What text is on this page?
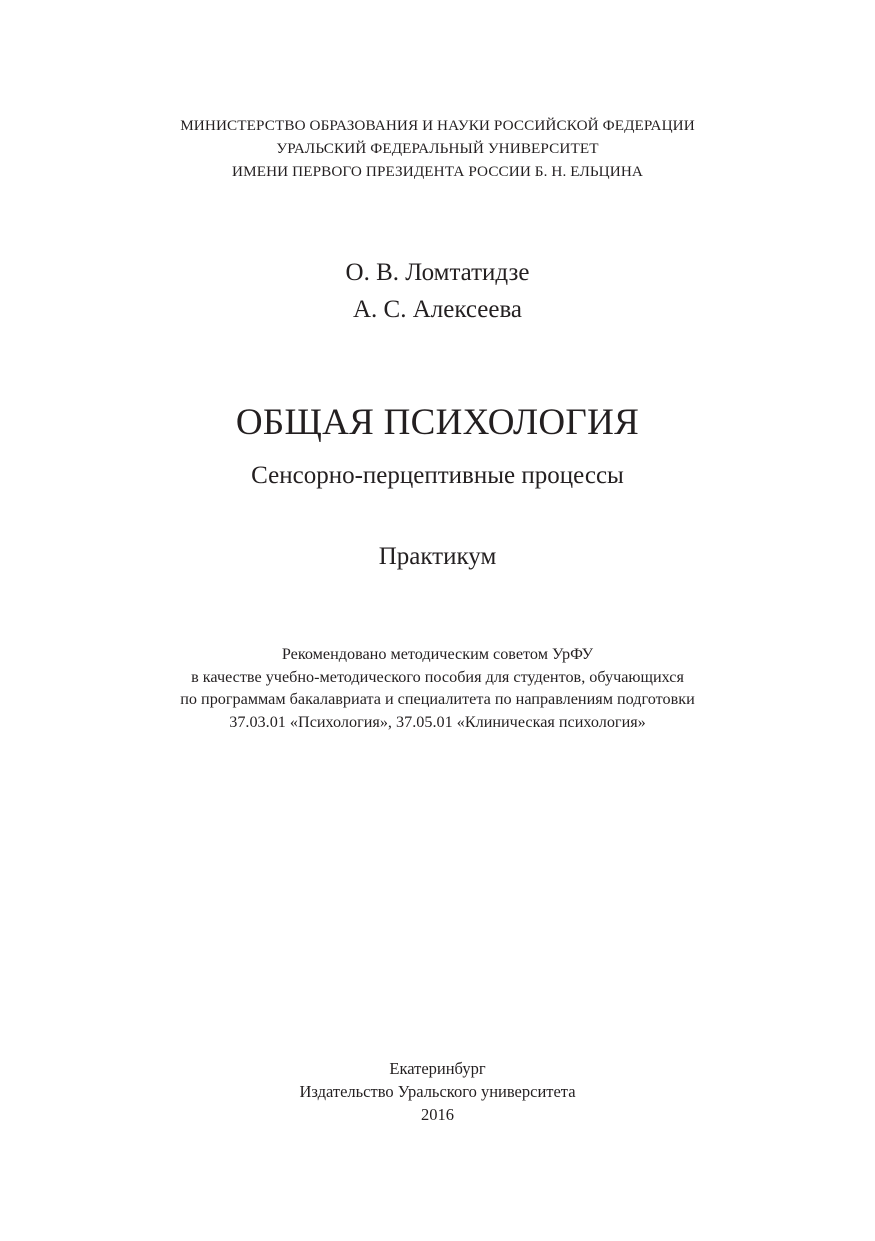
МИНИСТЕРСТВО ОБРАЗОВАНИЯ И НАУКИ РОССИЙСКОЙ ФЕДЕРАЦИИ
УРАЛЬСКИЙ ФЕДЕРАЛЬНЫЙ УНИВЕРСИТЕТ
ИМЕНИ ПЕРВОГО ПРЕЗИДЕНТА РОССИИ Б. Н. ЕЛЬЦИНА
О. В. Ломтатидзе
А. С. Алексеева
ОБЩАЯ ПСИХОЛОГИЯ
Сенсорно-перцептивные процессы
Практикум
Рекомендовано методическим советом УрФУ
в качестве учебно-методического пособия для студентов, обучающихся
по программам бакалавриата и специалитета по направлениям подготовки
37.03.01 «Психология», 37.05.01 «Клиническая психология»
Екатеринбург
Издательство Уральского университета
2016
